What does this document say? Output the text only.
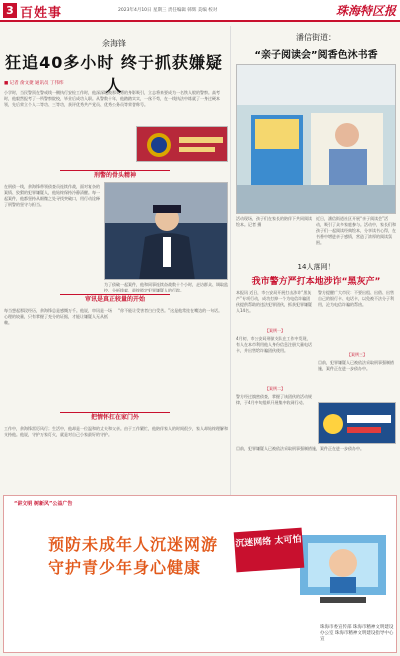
3 百姓事	2023年4月10日 星期三 责任编辑 韩辉 美编 校对	珠海特区报
余海锋
狂追40多小时 终于抓获嫌疑人
■ 记者 俞文捷 通讯员 丁伟纬
小学时，当民警顶在警戒线一侧执行安检工作时，他深深地被那英勇的身影吸引，立志将来要成为一名铁人般的警察。高考时，他毅然报考了一所警察院校，毕业后成功入职。从警数十年，他踏踏实实，一丝不苟，在一线执法中练就了一身过硬本领，先后荣立个人二等功、三等功，获评优秀共产党员、优秀公务员等荣誉称号。
刑警的骨头精神
在刑侦一线，余海锋带领侦查员连续作战，面对复杂的案情、狡猾的犯罪嫌疑人，他始终保持冷静清醒。每一起案件，他都坚持从细微之处寻找突破口，用行动诠释了刑警的坚守与担当。
为了侦破一起案件，他和同事连续奋战数十个小时，走访群众、调取监控、分析线索，最终锁定犯罪嫌疑人的行踪。
审讯是真正较量的开始
每当想起那段经历，余海锋总是感慨万千。他说，审讯是一场心理的较量，只有掌握了充分的证据，才能让嫌疑人无从抵赖。
“你不能让受害者白白受苦。”这是他常挂在嘴边的一句话。
把情怀扛在家门外
工作中，余海锋雷厉风行；生活中，他却是一位温和的丈夫和父亲。由于工作繁忙，他陪伴家人的时间很少，家人却始终理解和支持他。他说，守护万家灯火，就是对自己小家最好的守护。
潘信街道：
“亲子阅读会”阅香色沐书香
活动现场，孩子们在家长的陪伴下共同阅读绘本。记者 摄
近日，潘信街道社区开展“亲子阅读会”活动，吸引了众多家庭参与。活动中，家长们和孩子们一起阅读经典绘本，分享读书心得，在书香中增进亲子感情，营造了浓厚的阅读氛围。
14人落网！
我市警方严打本地涉诈“黑灰产”
本报讯 近日，市公安局开展打击涉诈“黑灰产”专项行动，成功打掉一个为电信诈骗团伙提供帮助的违法犯罪团伙，抓获犯罪嫌疑人14名。
【案例一】
4月初，市公安局刑侦支队在工作中发现，有人在本市利用他人身份信息注册大量电话卡，并出售给诈骗团伙使用。
【案例二】
警方经过缜密侦查，掌握了该团伙的活动规律，于4月中旬组织开展集中收网行动。
警方提醒广大市民：不要出租、出借、出售自己的银行卡、电话卡，以免被不法分子利用，沦为电信诈骗的帮凶。
【案例三】
目前，犯罪嫌疑人已被依法采取刑事强制措施，案件正在进一步侦办中。
目前，犯罪嫌疑人已被依法采取刑事强制措施，案件正在进一步侦办中。
“讲文明 树新风”公益广告
预防未成年人沉迷网游
守护青少年身心健康
沉迷网络 太可怕
珠海市委宣传部 珠海市精神文明建设办公室 珠海市精神文明建设指导中心宣
